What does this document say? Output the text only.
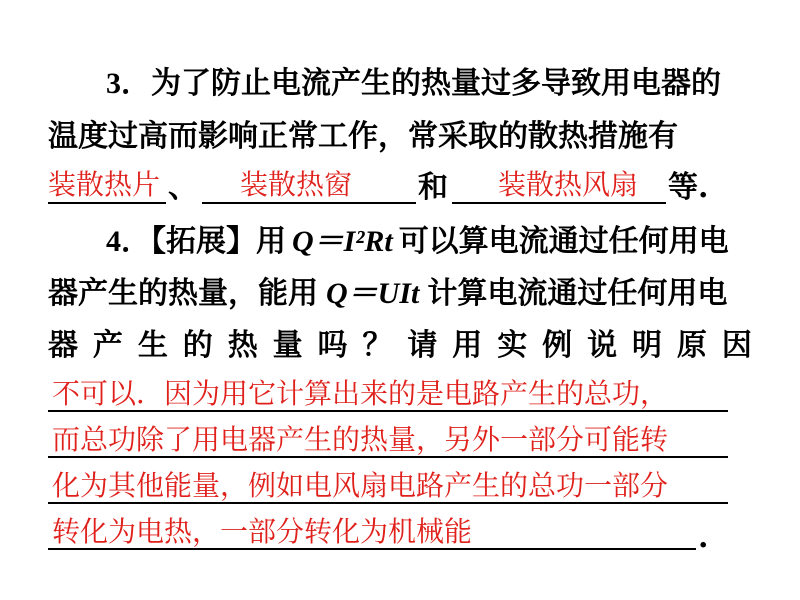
3．为了防止电流产生的热量过多导致用电器的
温度过高而影响正常工作，常采取的散热措施有
装散热片 、 装散热窗 和 装散热风扇 等.
4．【拓展】用 Q＝I²Rt 可以算电流通过任何用电
器产生的热量，能用 Q＝UIt 计算电流通过任何用电
器 产 生 的 热 量 吗 ？ 请 用 实 例 说 明 原 因
不可以．因为用它计算出来的是电路产生的总功，
而总功除了用电器产生的热量，另外一部分可能转
化为其他能量，例如电风扇电路产生的总功一部分
转化为电热，一部分转化为机械能	.
